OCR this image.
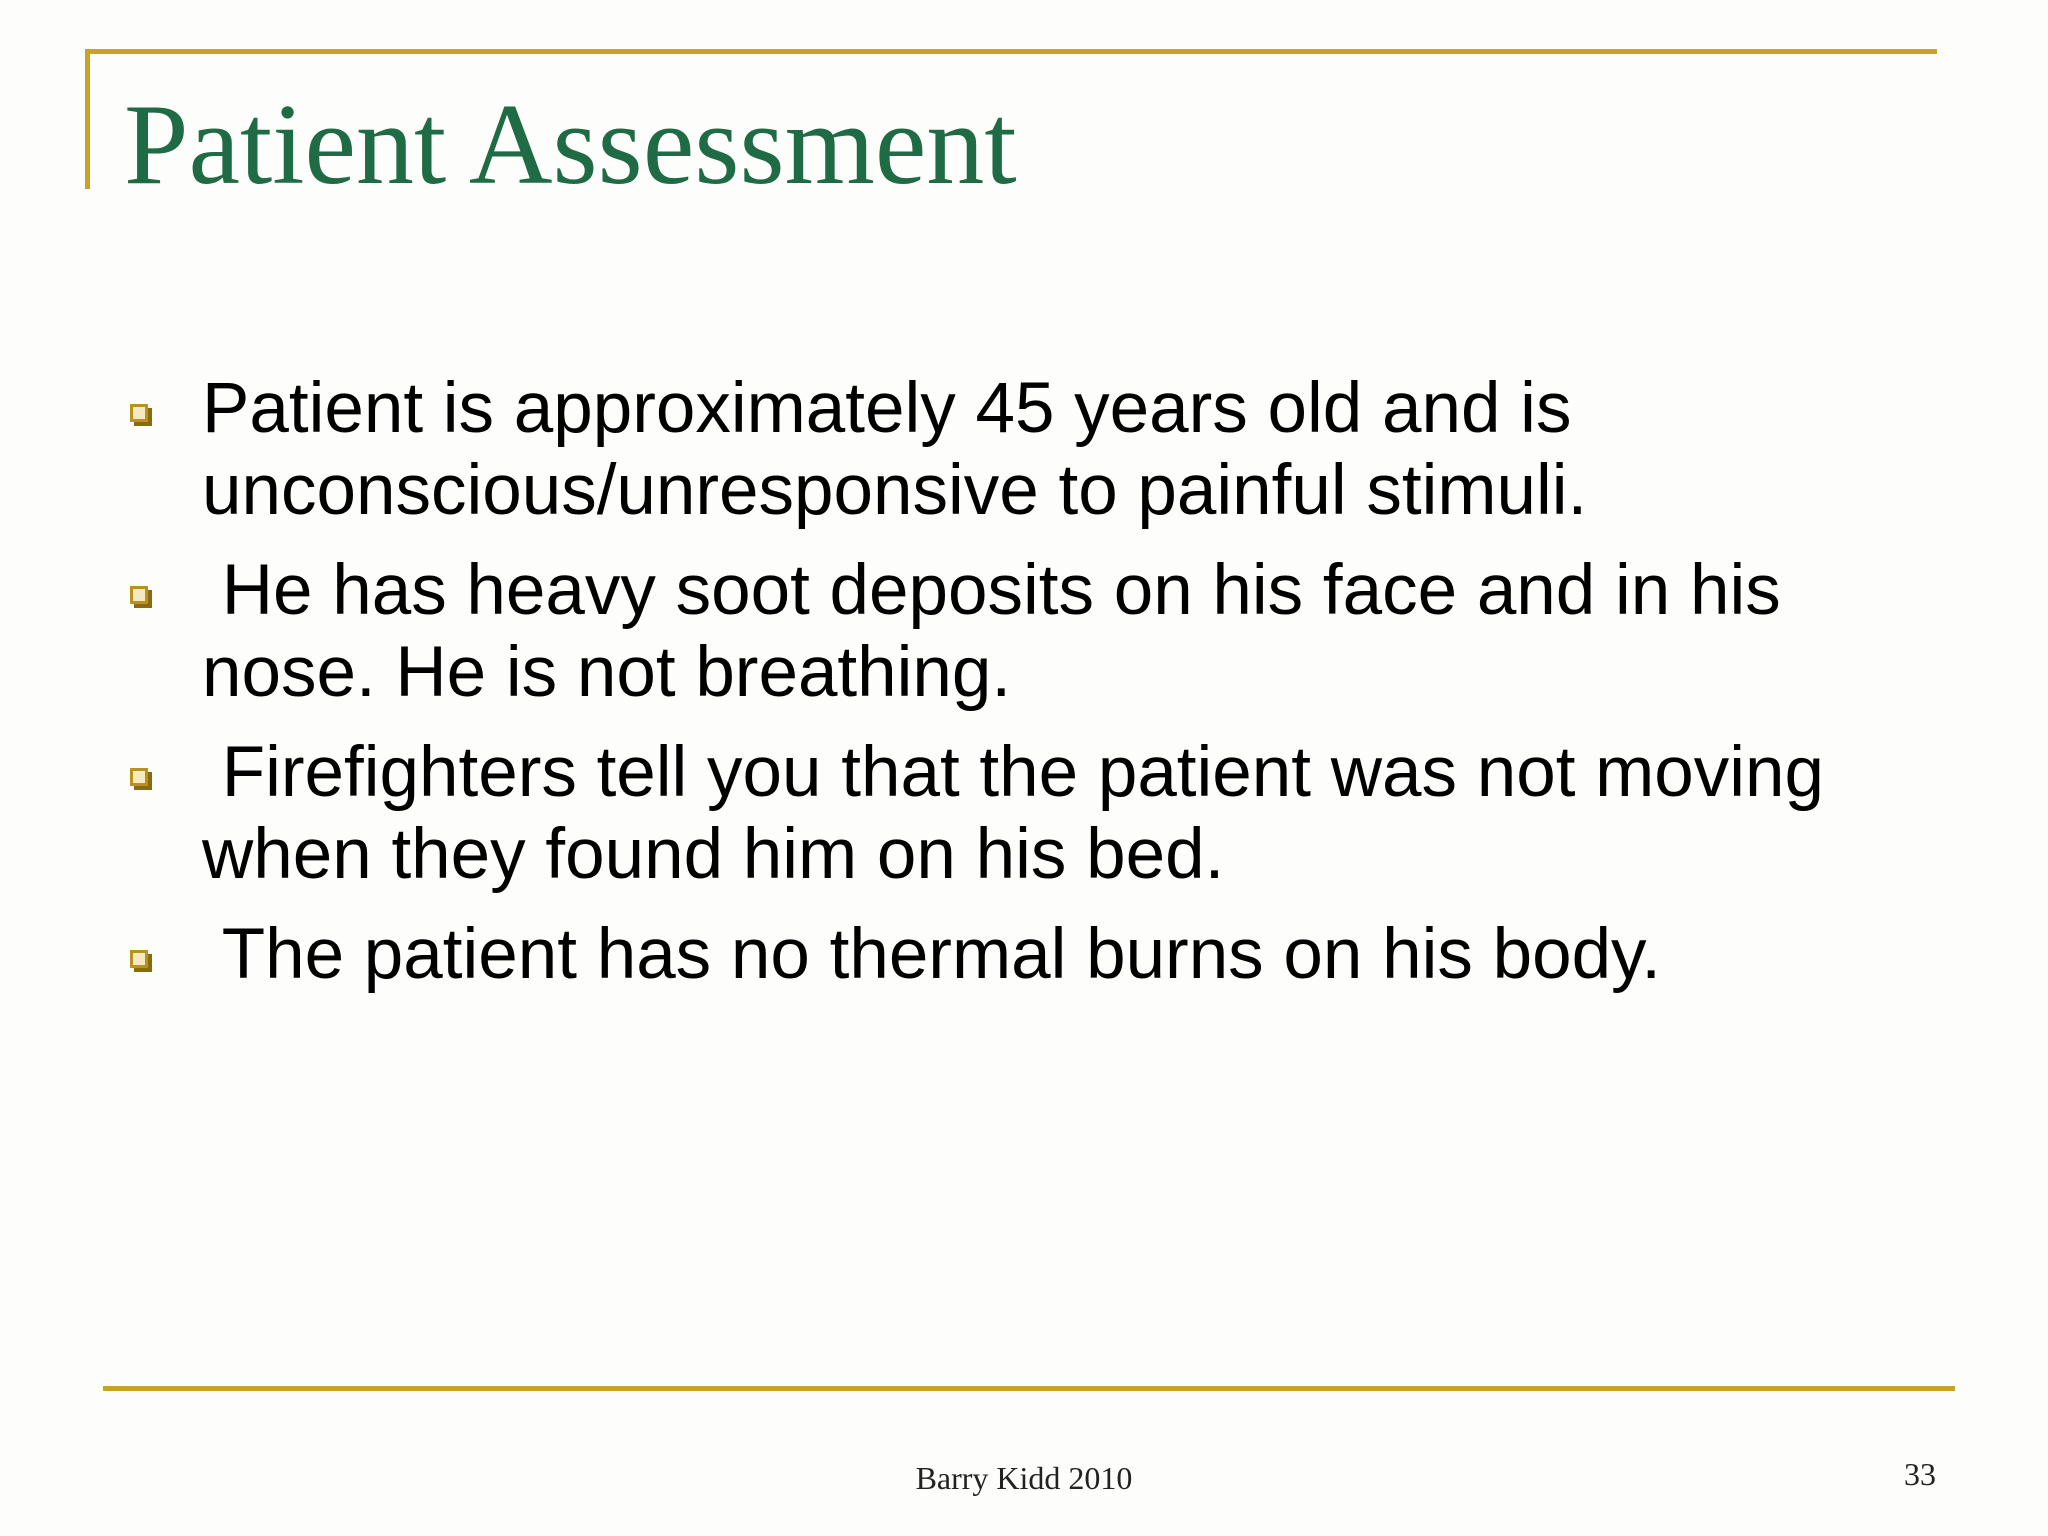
Patient Assessment
Patient is approximately 45 years old and is unconscious/unresponsive to painful stimuli.
He has heavy soot deposits on his face and in his nose. He is not breathing.
Firefighters tell you that the patient was not moving when they found him on his bed.
The patient has no thermal burns on his body.
Barry Kidd 2010	33
